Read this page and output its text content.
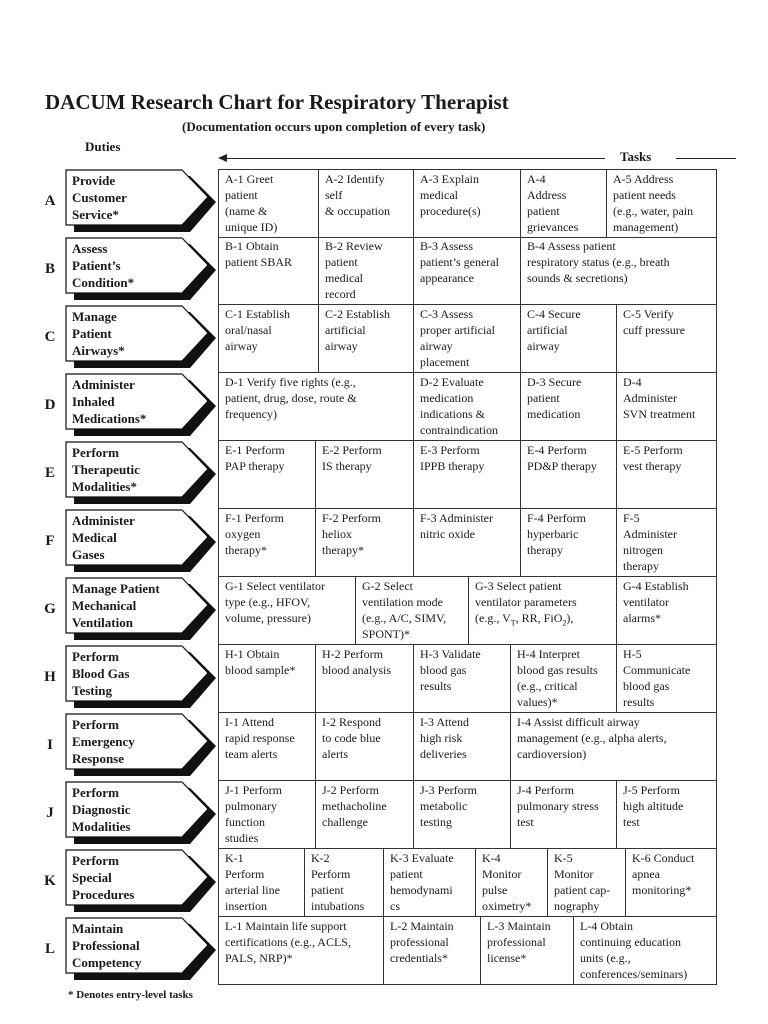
DACUM Research Chart for Respiratory Therapist
(Documentation occurs upon completion of every task)
Duties
Tasks
A-1 Greet
patient
(name &
unique ID)
A-2 Identify
self
& occupation
A-3 Explain
medical
procedure(s)
A-4
Address
patient
grievances
A-5 Address
patient needs
(e.g., water, pain
management)
B-1 Obtain
patient SBAR
B-2 Review
patient
medical
record
B-3 Assess
patient’s general
appearance
B-4 Assess patient
respiratory status (e.g., breath
sounds & secretions)
C-1 Establish
oral/nasal
airway
C-2 Establish
artificial
airway
C-3 Assess
proper artificial
airway
placement
C-4 Secure
artificial
airway
C-5 Verify
cuff pressure
D-1 Verify five rights (e.g.,
patient, drug, dose, route &
frequency)
D-2 Evaluate
medication
indications &
contraindication
D-3 Secure
patient
medication
D-4
Administer
SVN treatment
E-1 Perform
PAP therapy
E-2 Perform
IS therapy
E-3 Perform
IPPB therapy
E-4 Perform
PD&P therapy
E-5 Perform
vest therapy
F-1 Perform
oxygen
therapy*
F-2 Perform
heliox
therapy*
F-3 Administer
nitric oxide
F-4 Perform
hyperbaric
therapy
F-5
Administer
nitrogen
therapy
G-1 Select ventilator
type (e.g., HFOV,
volume, pressure)
G-2 Select
ventilation mode
(e.g., A/C, SIMV,
SPONT)*
G-3 Select patient
ventilator parameters
(e.g., $V_T$, RR, FiO$_2$),
G-4 Establish
ventilator
alarms*
H-1 Obtain
blood sample*
H-2 Perform
blood analysis
H-3 Validate
blood gas
results
H-4 Interpret
blood gas results
(e.g., critical
values)*
H-5
Communicate
blood gas
results
I-1 Attend
rapid response
team alerts
I-2 Respond
to code blue
alerts
I-3 Attend
high risk
deliveries
I-4 Assist difficult airway
management (e.g., alpha alerts,
cardioversion)
J-1 Perform
pulmonary
function
studies
J-2 Perform
methacholine
challenge
J-3 Perform
metabolic
testing
J-4 Perform
pulmonary stress
test
J-5 Perform
high altitude
test
K-1
Perform
arterial line
insertion
K-2
Perform
patient
intubations
K-3 Evaluate
patient
hemodynami
cs
K-4
Monitor
pulse
oximetry*
K-5
Monitor
patient cap-
nography
K-6 Conduct
apnea
monitoring*
L-1 Maintain life support
certifications (e.g., ACLS,
PALS, NRP)*
L-2 Maintain
professional
credentials*
L-3 Maintain
professional
license*
L-4 Obtain
continuing education
units (e.g.,
conferences/seminars)
* Denotes entry-level tasks
A
Provide
Customer
Service*
B
Assess
Patient’s
Condition*
C
Manage
Patient
Airways*
D
Administer
Inhaled
Medications*
E
Perform
Therapeutic
Modalities*
F
Administer
Medical
Gases
G
Manage Patient
Mechanical
Ventilation
H
Perform
Blood Gas
Testing
I
Perform
Emergency
Response
J
Perform
Diagnostic
Modalities
K
Perform
Special
Procedures
L
Maintain
Professional
Competency
